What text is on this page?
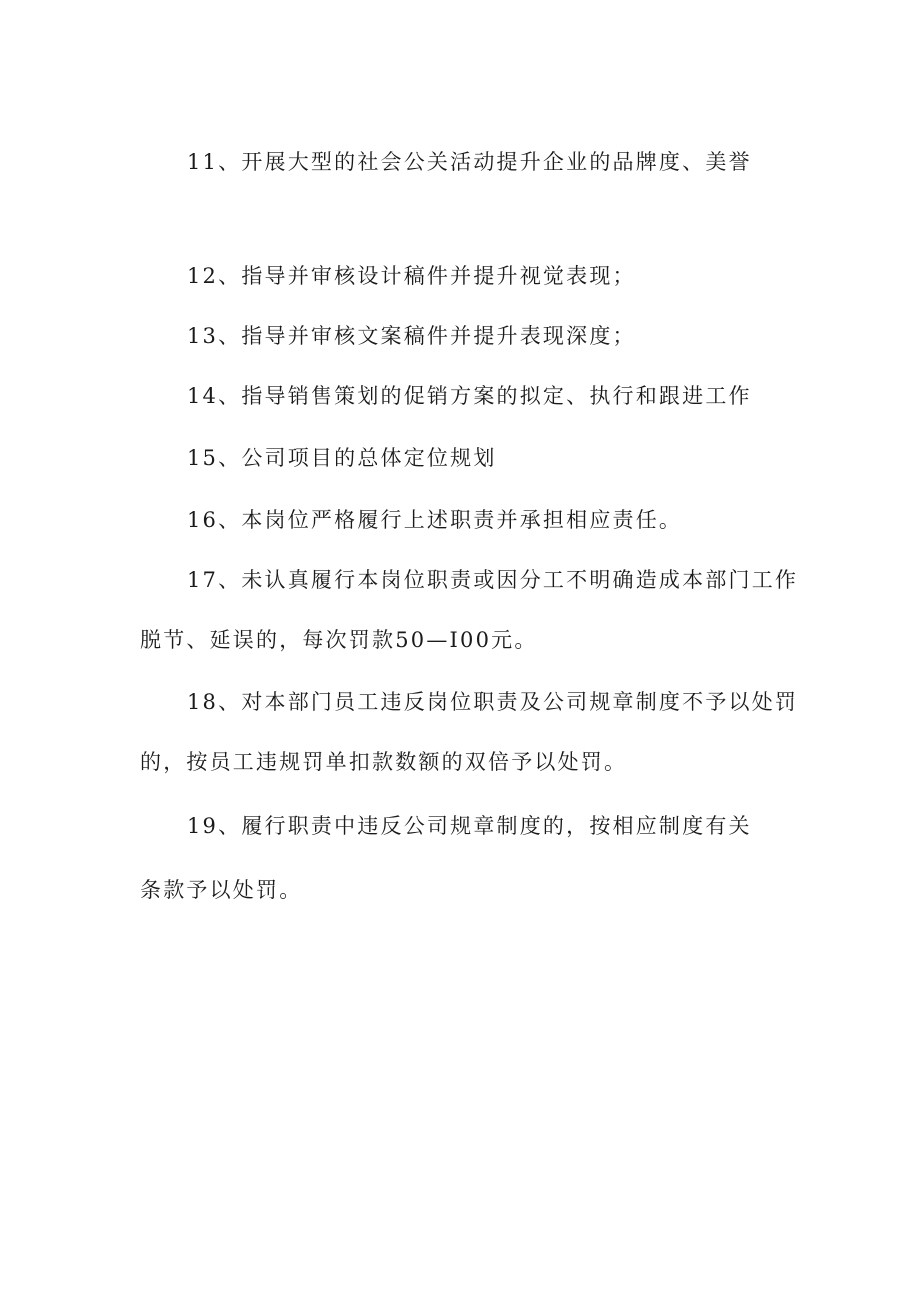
11、开展大型的社会公关活动提升企业的品牌度、美誉
12、指导并审核设计稿件并提升视觉表现；
13、指导并审核文案稿件并提升表现深度；
14、指导销售策划的促销方案的拟定、执行和跟进工作
15、公司项目的总体定位规划
16、本岗位严格履行上述职责并承担相应责任。
17、未认真履行本岗位职责或因分工不明确造成本部门工作
脱节、延误的，每次罚款50—I00元。
18、对本部门员工违反岗位职责及公司规章制度不予以处罚
的，按员工违规罚单扣款数额的双倍予以处罚。
19、履行职责中违反公司规章制度的，按相应制度有关
条款予以处罚。
